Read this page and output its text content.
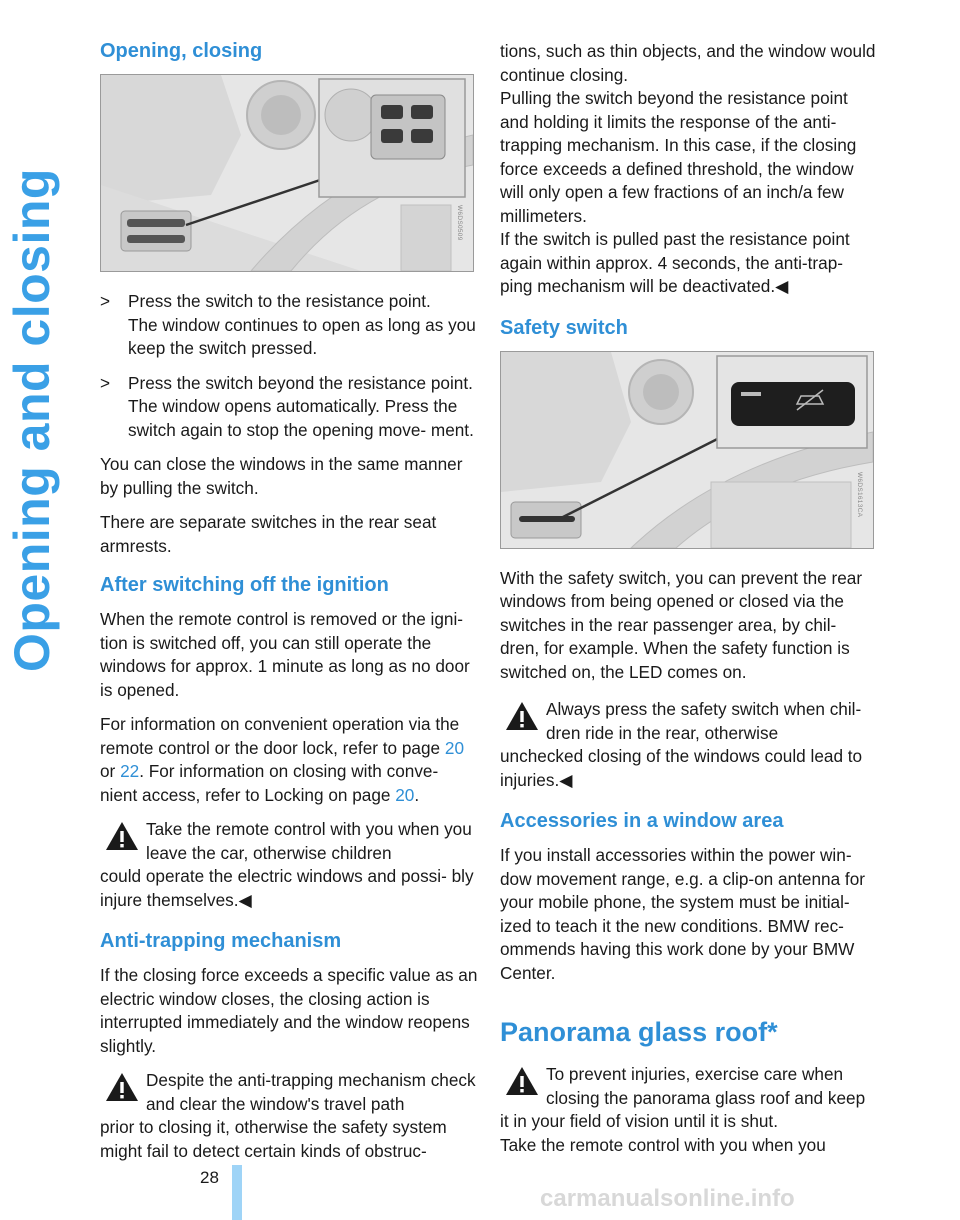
Opening and closing
Opening, closing
W6DS0509
>	Press the switch to the resistance point.
The window continues to open as long as you keep the switch pressed.
>	Press the switch beyond the resistance point.
The window opens automatically. Press the switch again to stop the opening move- ment.

You can close the windows in the same manner by pulling the switch.

There are separate switches in the rear seat armrests.

After switching off the ignition

When the remote control is removed or the igni- tion is switched off, you can still operate the windows for approx. 1 minute as long as no door is opened.

For information on convenient operation via the remote control or the door lock, refer to page 20 or 22. For information on closing with conve- nient access, refer to Locking on page 20.

Take the remote control with you when you leave the car, otherwise children
could operate the electric windows and possi- bly injure themselves.◀
Anti-trapping mechanism

If the closing force exceeds a specific value as an electric window closes, the closing action is interrupted immediately and the window reopens slightly.

Despite the anti-trapping mechanism check and clear the window's travel path
prior to closing it, otherwise the safety system might fail to detect certain kinds of obstruc-

tions, such as thin objects, and the window would continue closing.

Pulling the switch beyond the resistance point and holding it limits the response of the anti- trapping mechanism. In this case, if the closing force exceeds a defined threshold, the window will only open a few fractions of an inch/a few millimeters.

If the switch is pulled past the resistance point again within approx. 4 seconds, the anti-trap- ping mechanism will be deactivated.◀

Safety switch
W6DS1613CA

With the safety switch, you can prevent the rear windows from being opened or closed via the switches in the rear passenger area, by chil- dren, for example. When the safety function is switched on, the LED comes on.

Always press the safety switch when chil- dren ride in the rear, otherwise
unchecked closing of the windows could lead to injuries.◀
Accessories in a window area

If you install accessories within the power win- dow movement range, e.g. a clip-on antenna for your mobile phone, the system must be initial- ized to teach it the new conditions. BMW rec- ommends having this work done by your BMW Center.

Panorama glass roof*
To prevent injuries, exercise care when closing the panorama glass roof and keep
it in your field of vision until it is shut.

Take the remote control with you when you

28
carmanualsonline.info
